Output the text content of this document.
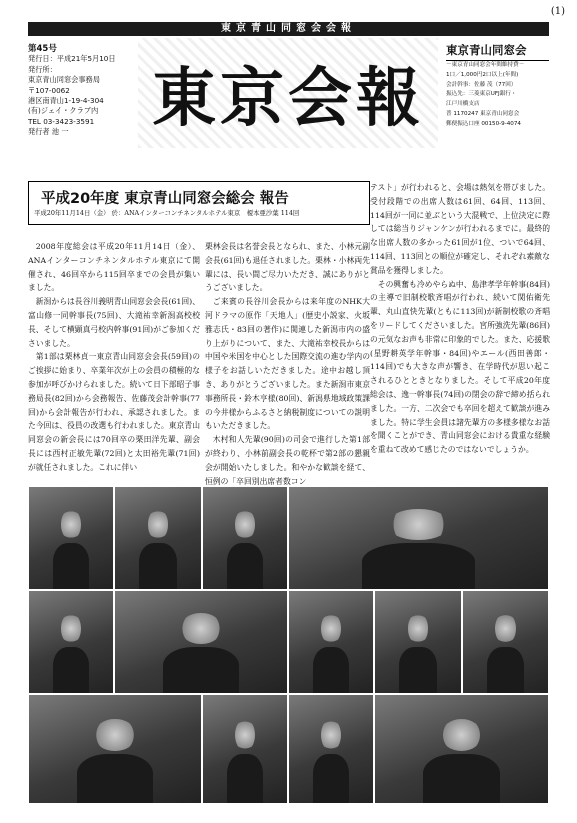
(1)
東京青山同窓会会報
第45号
発行日：平成21年5月10日
発行所：
東京青山同窓会事務局
〒107-0062
港区南青山1-19-4-304
(有)ジェイ・クラブ内
TEL 03-3423-3591
発行者 池 一	東京会報
東京青山同窓会
－東京青山同窓会年間維持費－
1口／1,000円2口以上(年間)
会計幹事：佐藤 茂（77回）
振込先：三菱東京UFJ銀行・
江戸川橋支店
普 1170247 東京青山同窓会
郵便振込口座 00150-9-4074
平成20年度 東京青山同窓会総会 報告
平成20年11月14日（金） 於：ANAインターコンチネンタルホテル東京　榎本亜沙葉 114回

テスト」が行われると、会場は熱気を帯びました。受付段階での出席人数は61回、64回、113回、114回が一同に並ぶという大混戦で、上位決定に際しては総当りジャンケンが行われるまでに。最終的な出席人数の多かった61回が1位、ついで64回、114回、113回との順位が確定し、それぞれ素敵な賞品を獲得しました。

その興奮も冷めやらぬ中、島津孝学年幹事(84回)の主導で旧制校歌斉唱が行われ、続いて関佑衛先輩、丸山直快先輩(ともに113回)が新制校歌の斉唱をリードしてくださいました。宮所強洗先輩(86回)の元気なお声も非常に印象的でした。また、応援歌(星野耕英学年幹事・84回)やエール(西田善郎・114回)でも大きな声が響き、在学時代が思い起こされるひとときとなりました。そして平成20年度総会は、逸一幹事長(74回)の閉会の辞で締め括られました。一方、二次会でも卒回を超えて歓談が進みました。特に学生会員は諸先輩方の多様多様なお話を聞くことができ、青山同窓会における貴重な経験を重ねて改めて感じたのではないでしょうか。

2008年度総会は平成20年11月14日（金）、ANAインターコンチネンタルホテル東京にて開催され、46回卒から115回卒までの会員が集いました。

新潟からは長谷川義明青山同窓会会長(61回)、富山修一同幹事長(75回)、大滝祐幸新潟高校校長、そして横顕真弓校内幹事(91回)がご参加くださいました。

第1部は栗林貞一東京青山同窓会会長(59回)のご挨拶に始まり、卒業年次が上の会員の積極的な参加が呼びかけられました。続いて日下部昭子事務局長(82回)から会務報告、佐藤茂会計幹事(77回)から会計報告が行われ、承認されました。また今回は、役員の改選も行われました。東京青山同窓会の新会長には70回卒の栗田洋先輩、副会長には西村正敏先輩(72回)と太田裕先輩(71回)が就任されました。これに伴い

栗林会長は名誉会長となられ、また、小林元副会長(61回)も退任されました。栗林・小林両先輩には、長い間ご尽力いただき、誠にありがとうございました。

ご来賓の長谷川会長からは来年度のNHK大河ドラマの原作「天地人」(歴史小説家、火坂雅志氏・83回の著作)に関連した新潟市内の盛り上がりについて、また、大滝祐幸校長からは中国や米国を中心とした国際交流の進む学内の様子をお話しいただきました。途中お越し頂き、ありがとうございました。また新潟市東京事務所長・鈴木亨様(80回)、新潟県地域政策課の今井様からふるさと納税制度についての説明もいただきました。

木村和人先輩(90回)の司会で進行した第1部が終わり、小林前副会長の乾杯で第2部の懇親会が開始いたしました。和やかな歓談を経て、恒例の「卒回別出席者数コン
